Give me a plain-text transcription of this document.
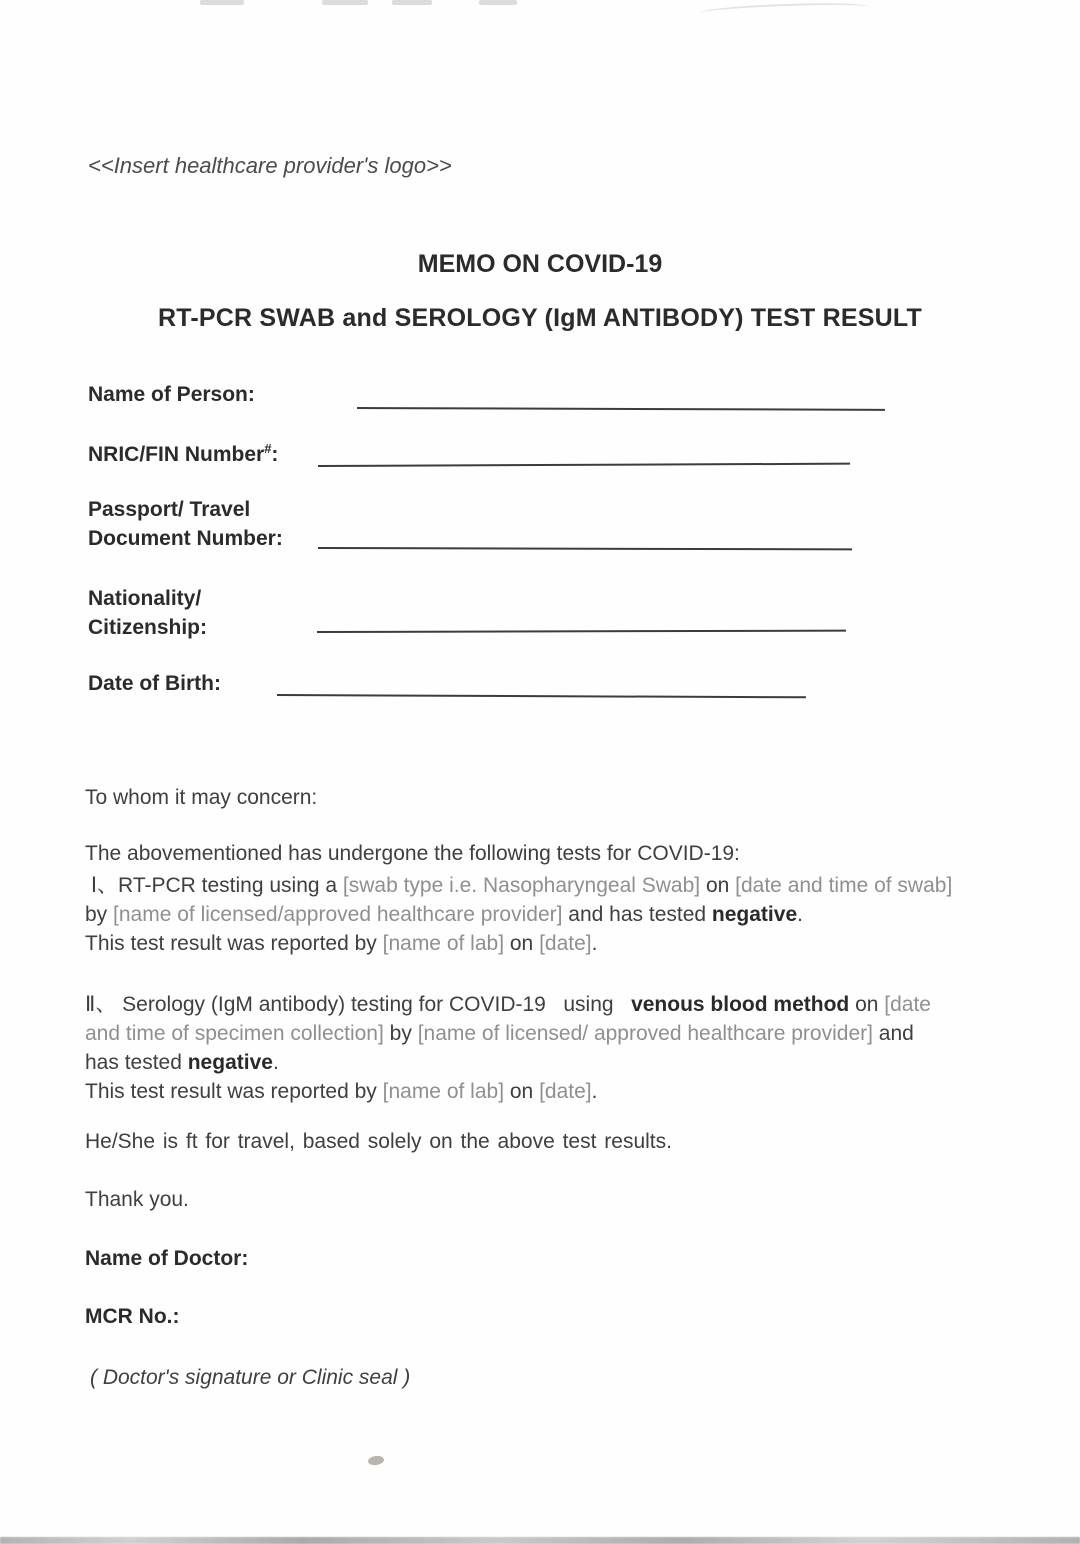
<<Insert healthcare provider's logo>>
MEMO ON COVID-19
RT-PCR SWAB and SEROLOGY (IgM ANTIBODY) TEST RESULT
Name of Person:
NRIC/FIN Number#:
Passport/ Travel
Document Number:
Nationality/
Citizenship:
Date of Birth:
To whom it may concern:
The abovementioned has undergone the following tests for COVID-19:
Ⅰ、RT-PCR testing using a [swab type i.e. Nasopharyngeal Swab] on [date and time of swab]
by [name of licensed/approved healthcare provider] and has tested negative.
This test result was reported by [name of lab] on [date].
Ⅱ、 Serology (IgM antibody) testing for COVID-19   using   venous blood method on [date
and time of specimen collection] by [name of licensed/ approved healthcare provider] and
has tested negative.
This test result was reported by [name of lab] on [date].
He/She is ft for travel, based solely on the above test results.
Thank you.
Name of Doctor:
MCR No.:
( Doctor's signature or Clinic seal )
